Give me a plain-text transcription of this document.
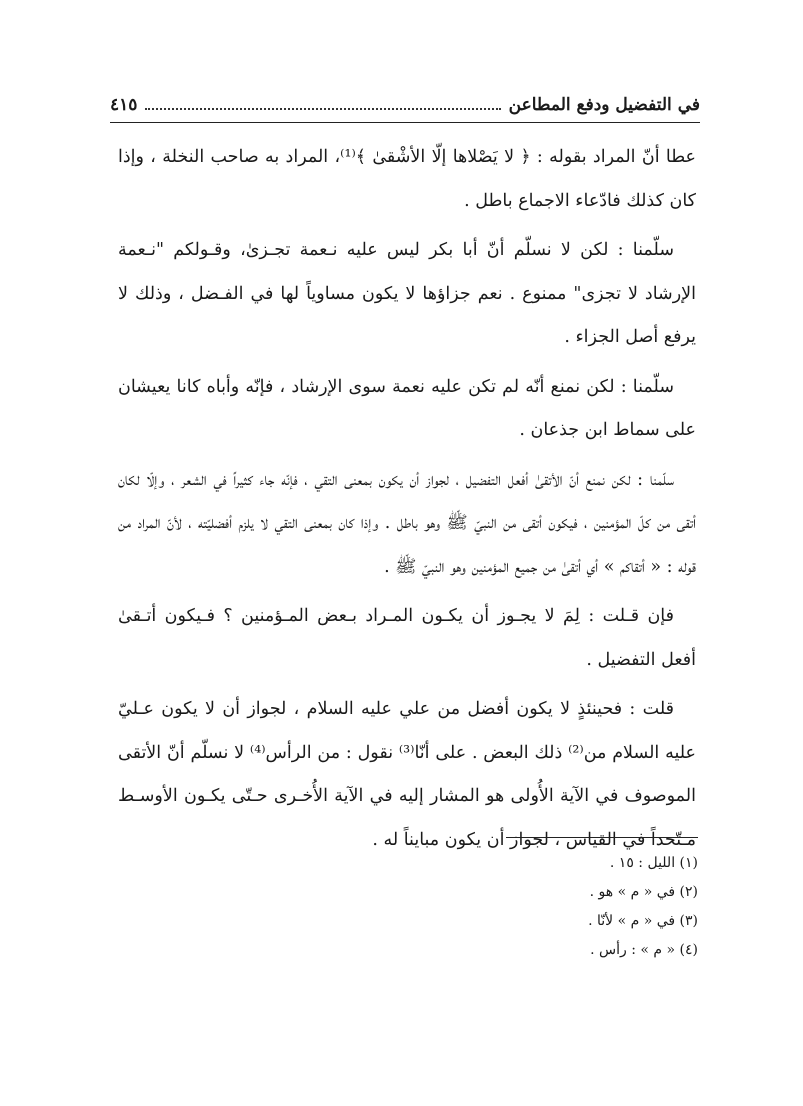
في التفضيل ودفع المطاعن
٤١٥

عطا أنّ المراد بقوله : ﴿ لا يَصْلاها إلّا الأشْقىٰ ﴾⁽¹⁾، المراد به صاحب النخلة ، وإذا كان كذلك فادّعاء الاجماع باطل .

سلّمنا : لكن لا نسلّم أنّ أبا بكر ليس عليه نـعمة تجـزىٰ، وقـولكم "نـعمة الإرشاد لا تجزى" ممنوع . نعم جزاؤها لا يكون مساوياً لها في الفـضل ، وذلك لا يرفع أصل الجزاء .

سلّمنا : لكن نمنع أنّه لم تكن عليه نعمة سوى الإرشاد ، فإنّه وأباه كانا يعيشان على سماط ابن جذعان .

سلّمنا : لكن نمنع أنّ الأتقىٰ أفعل التفضيل ، لجواز أن يكون بمعنى التقي ، فإنّه جاء كثيراً في الشعر ، وإلّا لكان أتقى من كلّ المؤمنين ، فيكون أتقى من النبيّ ﷺ وهو باطل . وإذا كان بمعنى التقي لا يلزم أفضليّته ، لأنّ المراد من قوله : « أتقاكم » أي أتقىٰ من جميع المؤمنين وهو النبيّ ﷺ .

فإن قـلت : لِمَ لا يجـوز أن يكـون المـراد بـعض المـؤمنين ؟ فـيكون أتـقىٰ أفعل التفضيل .

قلت : فحينئذٍ لا يكون أفضل من علي عليه السلام ، لجواز أن لا يكون عـليّ عليه السلام من⁽²⁾ ذلك البعض . على أنّا⁽³⁾ نقول : من الرأس⁽⁴⁾ لا نسلّم أنّ الأتقى الموصوف في الآية الأُولى هو المشار إليه في الآية الأُخـرى حـتّى يكـون الأوسـط مـتّحداً في القياس ، لجواز أن يكون مبايناً له .

(١) الليل : ١٥ .
(٢) في « م » هو .
(٣) في « م » لأنّا .
(٤) « م » : رأس .
